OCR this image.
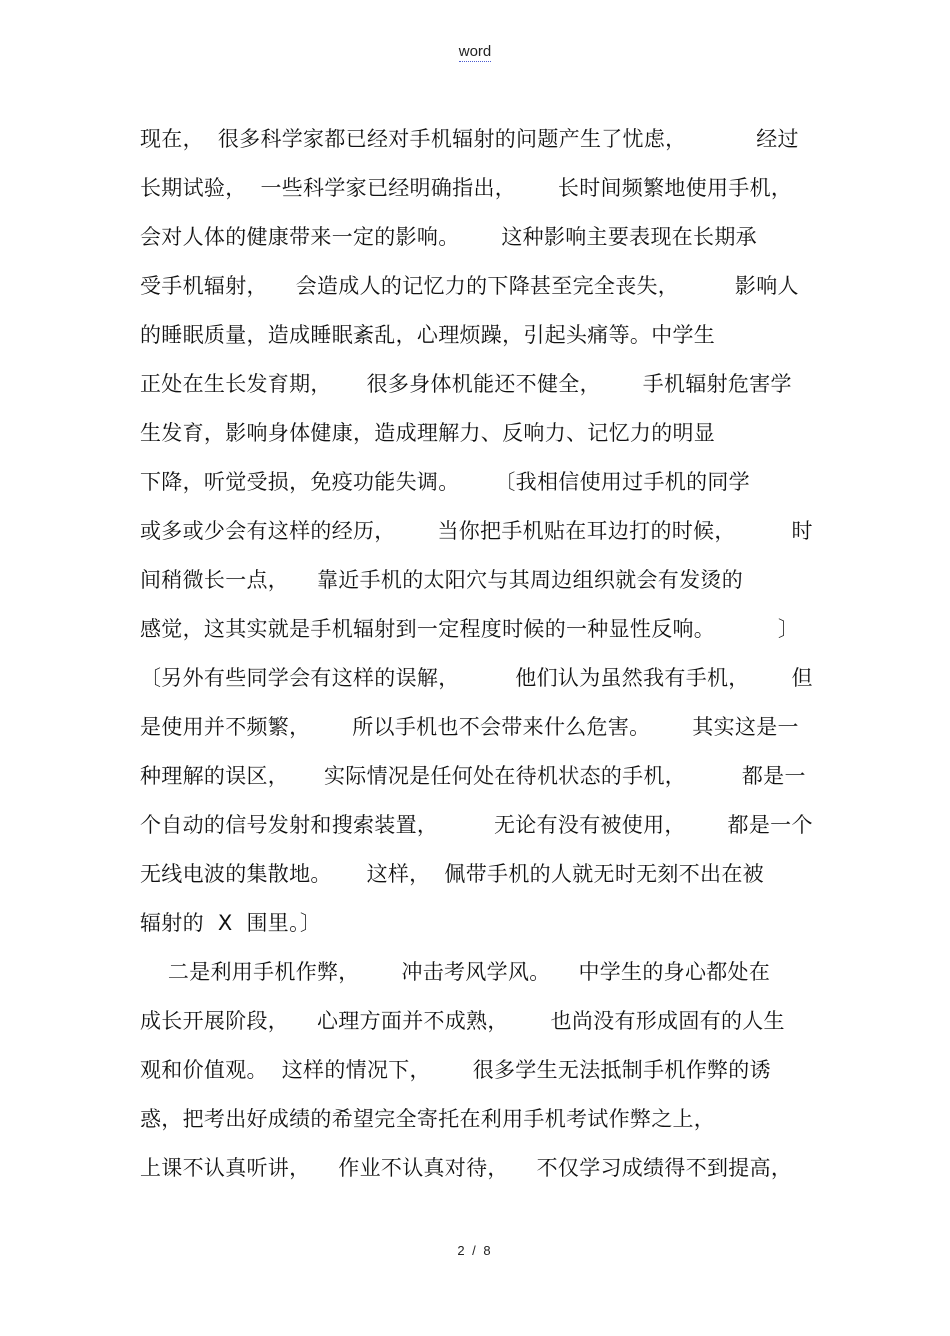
word
现在，  很多科学家都已经对手机辐射的问题产生了忧虑，          经过
长期试验，  一些科学家已经明确指出，      长时间频繁地使用手机，
会对人体的健康带来一定的影响。      这种影响主要表现在长期承
受手机辐射，    会造成人的记忆力的下降甚至完全丧失，        影响人
的睡眠质量，造成睡眠紊乱，心理烦躁，引起头痛等。中学生
正处在生长发育期，     很多身体机能还不健全，      手机辐射危害学
生发育，影响身体健康，造成理解力、反响力、记忆力的明显
下降，听觉受损，免疫功能失调。     〔我相信使用过手机的同学
或多或少会有这样的经历，      当你把手机贴在耳边打的时候，        时
间稍微长一点，    靠近手机的太阳穴与其周边组织就会有发烫的
感觉，这其实就是手机辐射到一定程度时候的一种显性反响。         〕
〔另外有些同学会有这样的误解，        他们认为虽然我有手机，      但
是使用并不频繁，      所以手机也不会带来什么危害。      其实这是一
种理解的误区，     实际情况是任何处在待机状态的手机，        都是一
个自动的信号发射和搜索装置，        无论有没有被使用，      都是一个
无线电波的集散地。     这样，  佩带手机的人就无时无刻不出在被
辐射的  X  围里。〕
二是利用手机作弊，      冲击考风学风。    中学生的身心都处在
成长开展阶段，    心理方面并不成熟，      也尚没有形成固有的人生
观和价值观。  这样的情况下，      很多学生无法抵制手机作弊的诱
惑，把考出好成绩的希望完全寄托在利用手机考试作弊之上，
上课不认真听讲，    作业不认真对待，    不仅学习成绩得不到提高，
2 / 8
